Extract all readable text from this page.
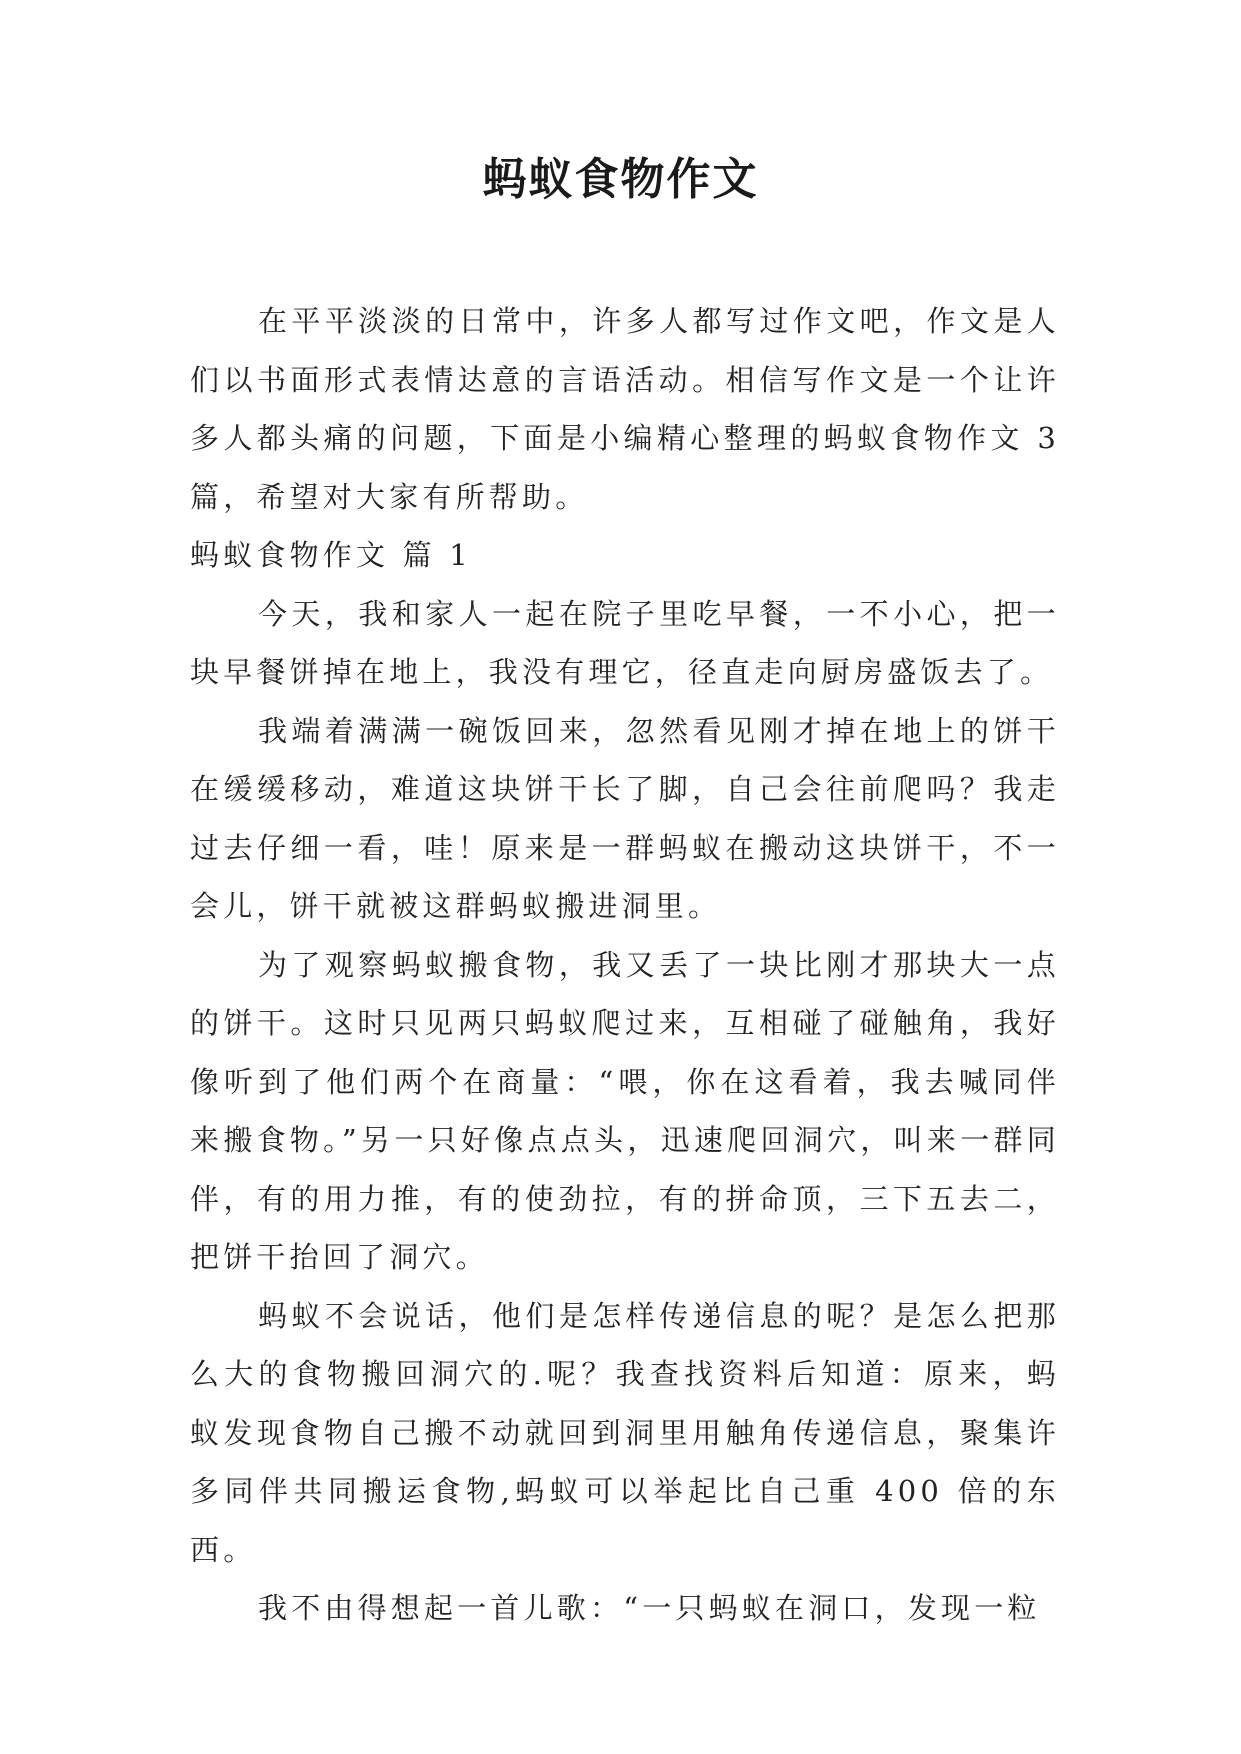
蚂蚁食物作文

在平平淡淡的日常中，许多人都写过作文吧，作文是人们以书面形式表情达意的言语活动。相信写作文是一个让许多人都头痛的问题，下面是小编精心整理的蚂蚁食物作文 3 篇，希望对大家有所帮助。

蚂蚁食物作文 篇 1

今天，我和家人一起在院子里吃早餐，一不小心，把一块早餐饼掉在地上，我没有理它，径直走向厨房盛饭去了。

我端着满满一碗饭回来，忽然看见刚才掉在地上的饼干在缓缓移动，难道这块饼干长了脚，自己会往前爬吗？我走过去仔细一看，哇！原来是一群蚂蚁在搬动这块饼干，不一会儿，饼干就被这群蚂蚁搬进洞里。

为了观察蚂蚁搬食物，我又丢了一块比刚才那块大一点的饼干。这时只见两只蚂蚁爬过来，互相碰了碰触角，我好像听到了他们两个在商量：“喂，你在这看着，我去喊同伴来搬食物。”另一只好像点点头，迅速爬回洞穴，叫来一群同伴，有的用力推，有的使劲拉，有的拼命顶，三下五去二，把饼干抬回了洞穴。

蚂蚁不会说话，他们是怎样传递信息的呢？是怎么把那么大的食物搬回洞穴的.呢？我查找资料后知道：原来，蚂蚁发现食物自己搬不动就回到洞里用触角传递信息，聚集许多同伴共同搬运食物,蚂蚁可以举起比自己重 400 倍的东西。

我不由得想起一首儿歌：“一只蚂蚁在洞口，发现一粒
